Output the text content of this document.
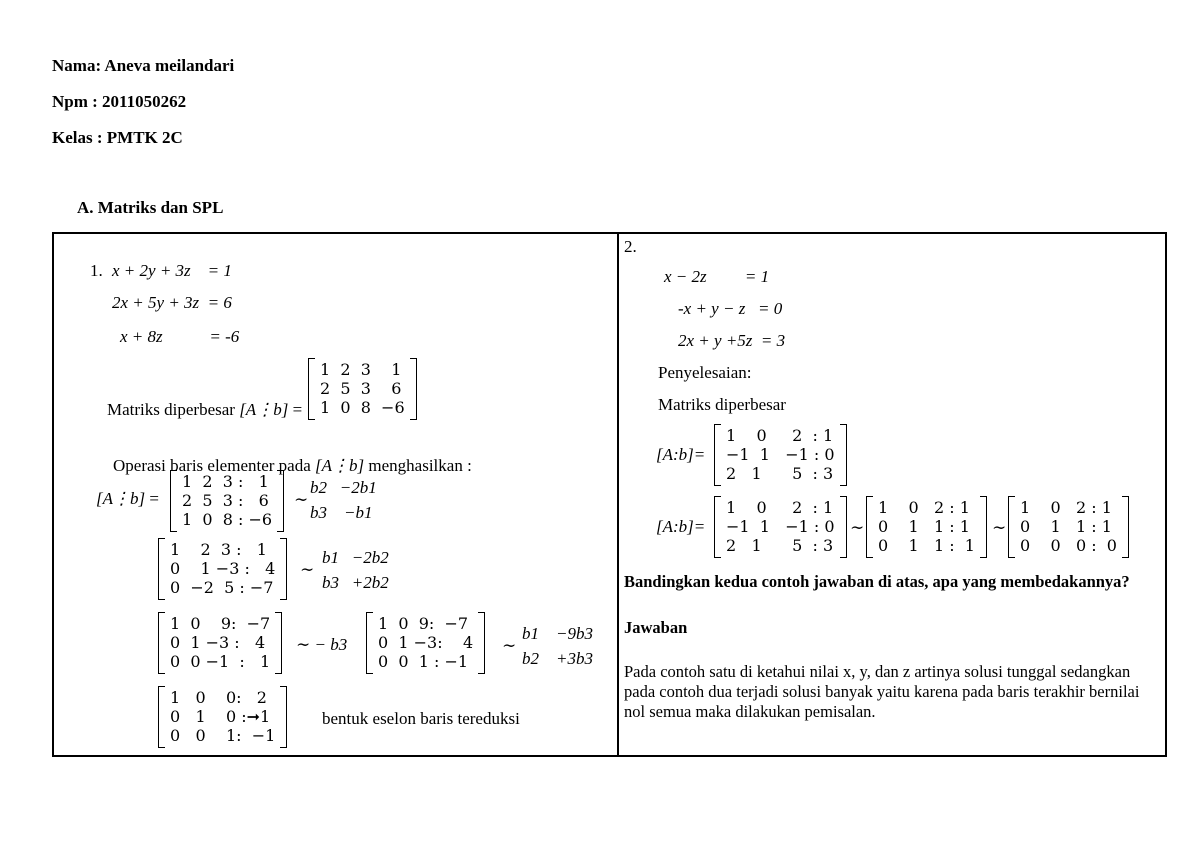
Nama: Aneva meilandari
Npm : 2011050262
Kelas : PMTK 2C
A. Matriks dan SPL
1. x + 2y + 3z    = 1
2x + 5y + 3z  = 6
x + 8z           = -6

Matriks diperbesar [A⋮b] =

1  2  3    1
2  5  3    6
1  0  8  −6

Operasi baris elementer pada [A⋮b] menghasilkan :

[A⋮b] =
1  2  3 :   1
2  5  3 :   6
1  0  8 : −6
∼
b2   −2b1
b3    −b1
1    2  3 :   1
0    1 −3 :   4
0  −2  5 : −7
∼
b1   −2b2
b3   +2b2
1  0    9:  −7
0  1 −3 :   4
0  0 −1  :   1
∼ − b3
1  0  9:  −7
0  1 −3:    4
0  0  1 : −1
∼
b1    −9b3
b2    +3b3
1   0    0:   2
0   1    0 :➞1
0   0    1:  −1
bentuk eselon baris tereduksi
2.
x − 2z         = 1
-x + y − z   = 0
2x + y +5z  = 3
Penyelesaian:
Matriks diperbesar
[A:b]=
1    0     2  : 1
−1  1   −1 : 0
2   1      5  : 3
[A:b]=
1    0     2  : 1
−1  1   −1 : 0
2   1      5  : 3
∼
1    0   2 : 1
0    1   1 : 1
0    1   1 :  1
∼
1    0   2 : 1
0    1   1 : 1
0    0   0 :  0
Bandingkan kedua contoh jawaban di atas, apa yang membedakannya?
Jawaban
Pada contoh satu di ketahui nilai x, y, dan z artinya solusi tunggal sedangkan pada contoh dua terjadi solusi banyak yaitu karena pada baris terakhir bernilai nol semua maka dilakukan pemisalan.
